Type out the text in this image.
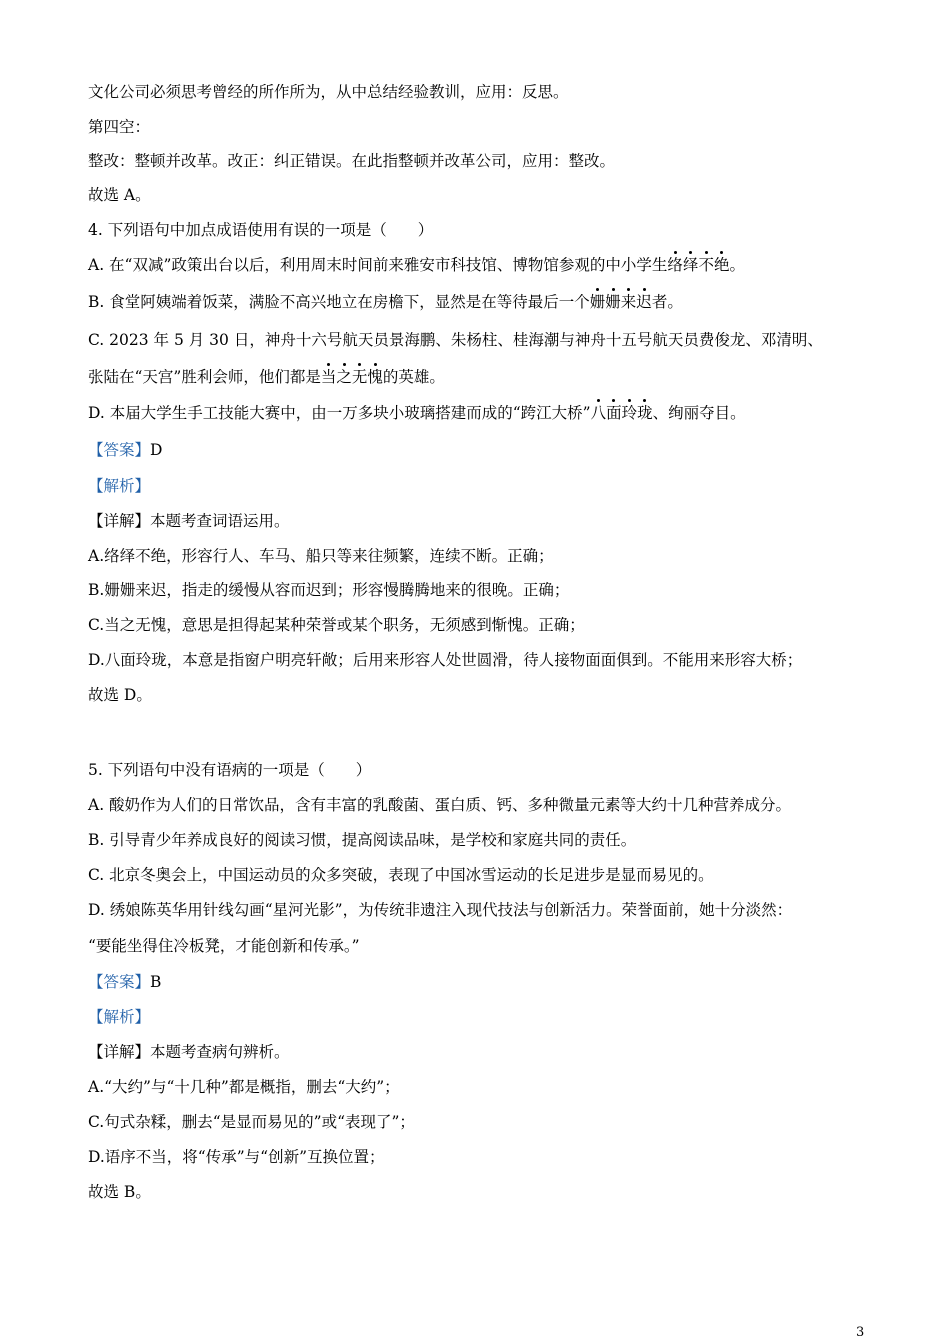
文化公司必须思考曾经的所作所为，从中总结经验教训，应用：反思。
第四空：
整改：整顿并改革。改正：纠正错误。在此指整顿并改革公司，应用：整改。
故选 A。
4. 下列语句中加点成语使用有误的一项是（　　）
A. 在“双减”政策出台以后，利用周末时间前来雅安市科技馆、博物馆参观的中小学生络绎不绝。
B. 食堂阿姨端着饭菜，满脸不高兴地立在房檐下，显然是在等待最后一个姗姗来迟者。
C. 2023 年 5 月 30 日，神舟十六号航天员景海鹏、朱杨柱、桂海潮与神舟十五号航天员费俊龙、邓清明、
张陆在“天宫”胜利会师，他们都是当之无愧的英雄。
D. 本届大学生手工技能大赛中，由一万多块小玻璃搭建而成的“跨江大桥”八面玲珑、绚丽夺目。
【答案】D
【解析】
【详解】本题考查词语运用。
A.络绎不绝，形容行人、车马、船只等来往频繁，连续不断。正确；
B.姗姗来迟，指走的缓慢从容而迟到；形容慢腾腾地来的很晚。正确；
C.当之无愧，意思是担得起某种荣誉或某个职务，无须感到惭愧。正确；
D.八面玲珑，本意是指窗户明亮轩敞；后用来形容人处世圆滑，待人接物面面俱到。不能用来形容大桥；
故选 D。
5. 下列语句中没有语病的一项是（　　）
A. 酸奶作为人们的日常饮品，含有丰富的乳酸菌、蛋白质、钙、多种微量元素等大约十几种营养成分。
B. 引导青少年养成良好的阅读习惯，提高阅读品味，是学校和家庭共同的责任。
C. 北京冬奥会上，中国运动员的众多突破，表现了中国冰雪运动的长足进步是显而易见的。
D. 绣娘陈英华用针线勾画“星河光影”，为传统非遗注入现代技法与创新活力。荣誉面前，她十分淡然：
“要能坐得住冷板凳，才能创新和传承。”
【答案】B
【解析】
【详解】本题考查病句辨析。
A.“大约”与“十几种”都是概指，删去“大约”；
C.句式杂糅，删去“是显而易见的”或“表现了”；
D.语序不当，将“传承”与“创新”互换位置；
故选 B。
3
